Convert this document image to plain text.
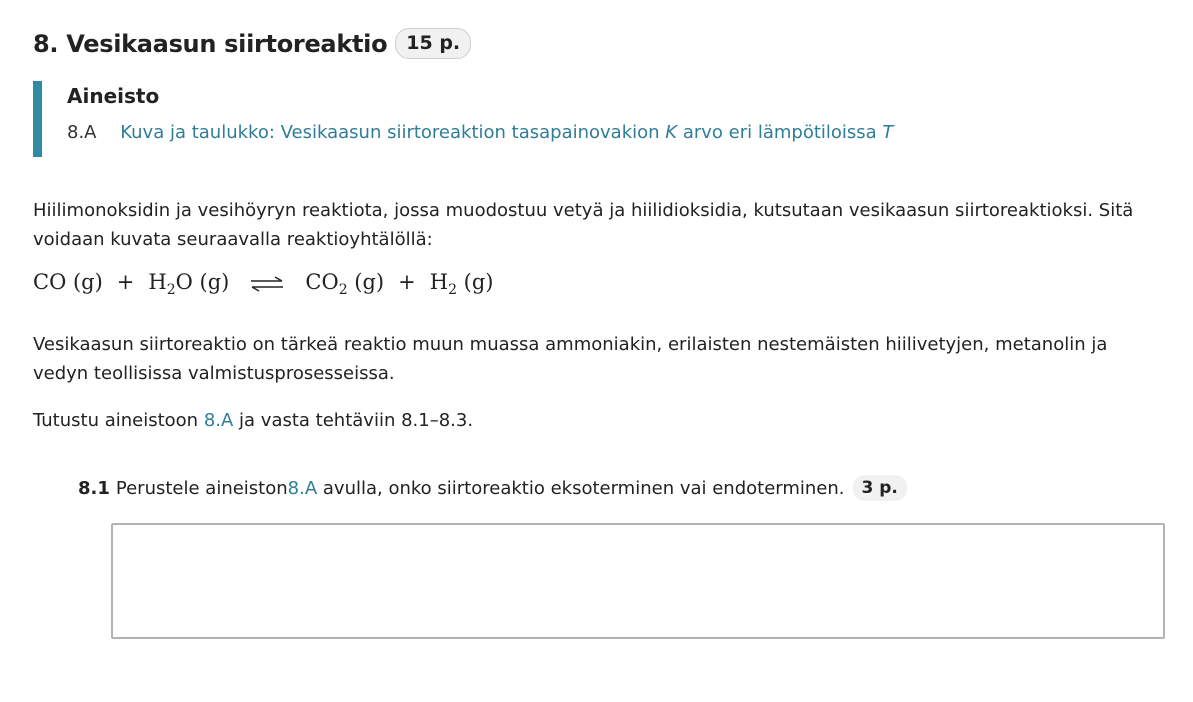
8. Vesikaasun siirtoreaktio	15 p.
Aineisto
8.A Kuva ja taulukko: Vesikaasun siirtoreaktion tasapainovakion K arvo eri lämpötiloissa T
Hiilimonoksidin ja vesihöyryn reaktiota, jossa muodostuu vetyä ja hiilidioksidia, kutsutaan vesikaasun siirtoreaktioksi. Sitä voidaan kuvata seuraavalla reaktioyhtälöllä:
CO $(g) + H_2O$ (g) ⇌ $CO_2$ $(g) + H_2$ (g)
Vesikaasun siirtoreaktio on tärkeä reaktio muun muassa ammoniakin, erilaisten nestemäisten hiilivetyjen, metanolin ja vedyn teollisissa valmistusprosesseissa.
Tutustu aineistoon 8.A ja vasta tehtäviin 8.1–8.3.
8.1 Perustele aineiston 8.A avulla, onko siirtoreaktio eksoterminen vai endoterminen.	3 p.
